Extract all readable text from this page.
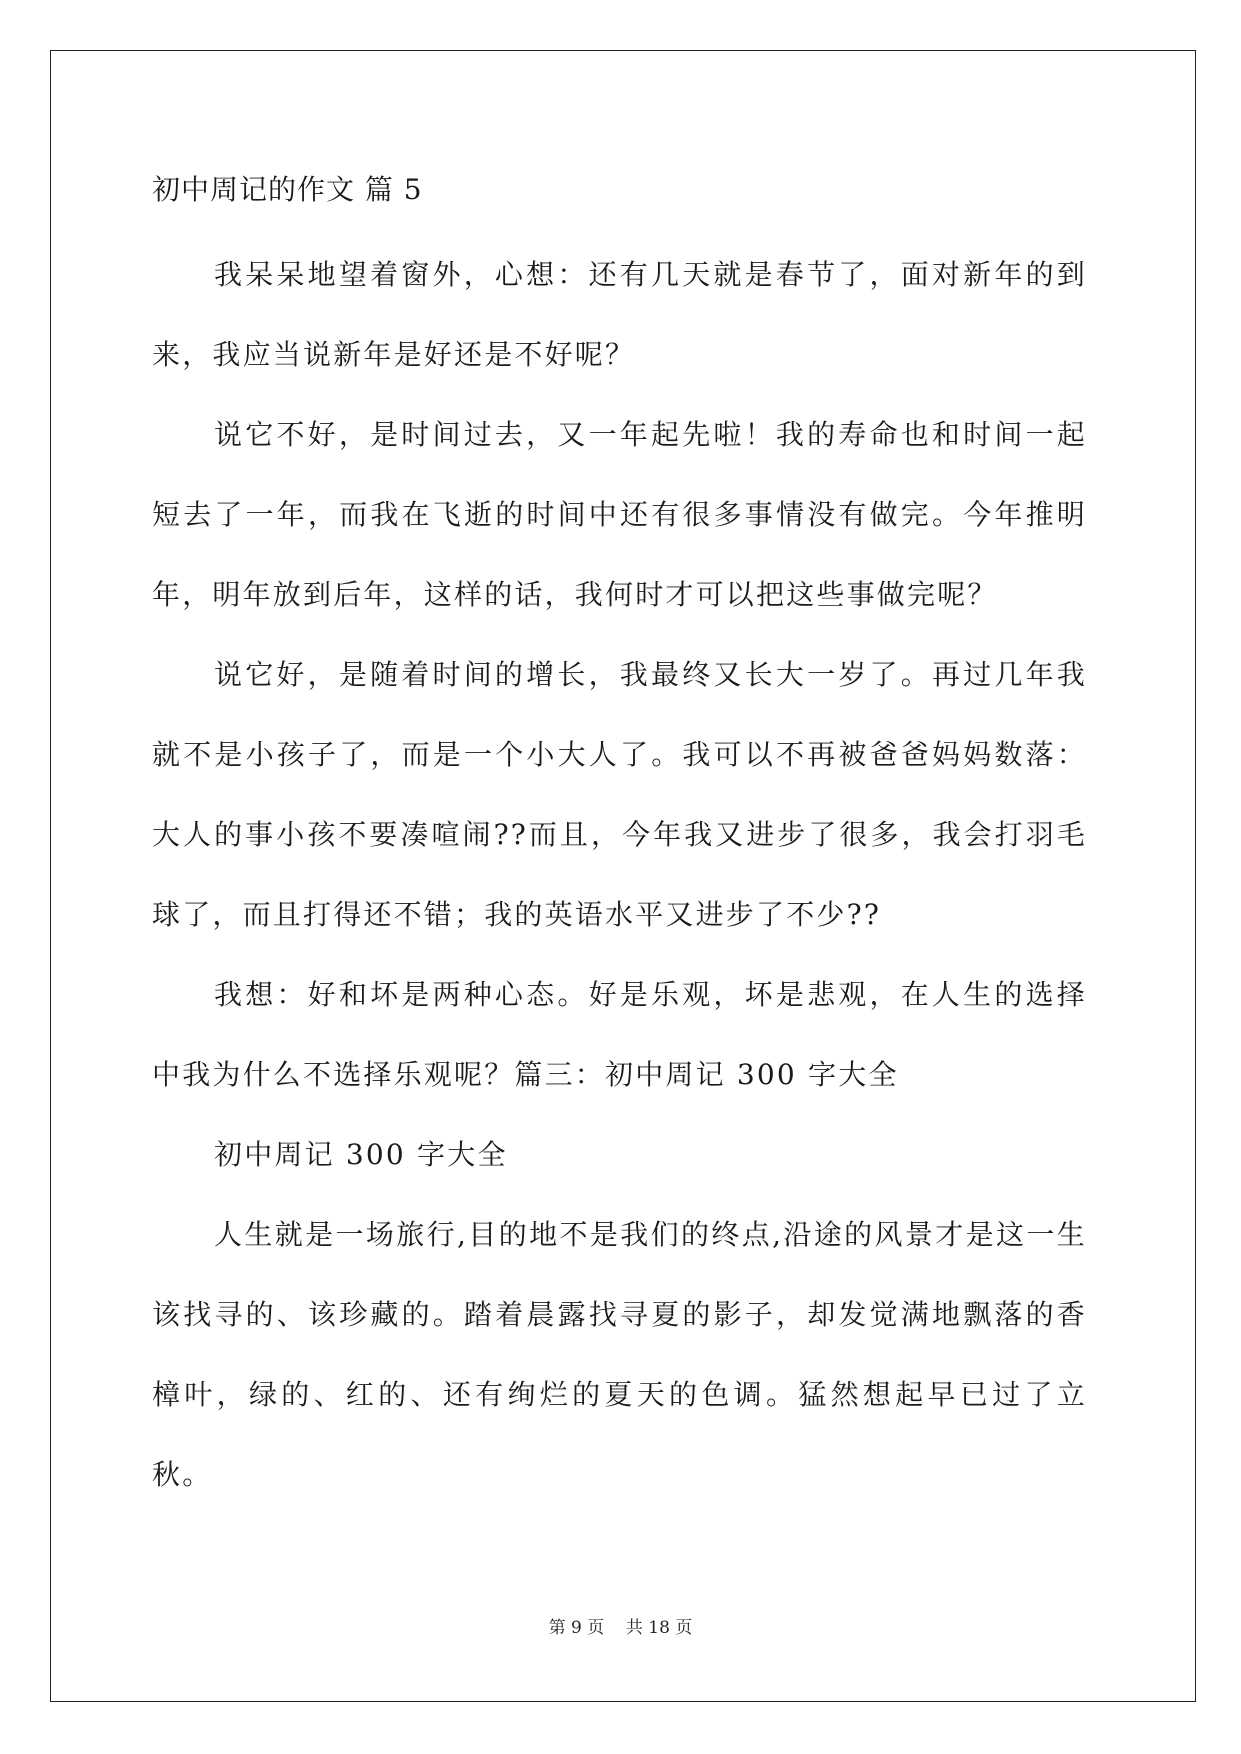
初中周记的作文 篇 5

我呆呆地望着窗外，心想：还有几天就是春节了，面对新年的到来，我应当说新年是好还是不好呢？

说它不好，是时间过去，又一年起先啦！我的寿命也和时间一起短去了一年，而我在飞逝的时间中还有很多事情没有做完。今年推明年，明年放到后年，这样的话，我何时才可以把这些事做完呢？

说它好，是随着时间的增长，我最终又长大一岁了。再过几年我就不是小孩子了，而是一个小大人了。我可以不再被爸爸妈妈数落：大人的事小孩不要凑喧闹??而且，今年我又进步了很多，我会打羽毛球了，而且打得还不错；我的英语水平又进步了不少??

我想：好和坏是两种心态。好是乐观，坏是悲观，在人生的选择中我为什么不选择乐观呢？篇三：初中周记 300 字大全

初中周记 300 字大全

人生就是一场旅行,目的地不是我们的终点,沿途的风景才是这一生该找寻的、该珍藏的。踏着晨露找寻夏的影子，却发觉满地飘落的香樟叶，绿的、红的、还有绚烂的夏天的色调。猛然想起早已过了立秋。

第 9 页    共 18 页
